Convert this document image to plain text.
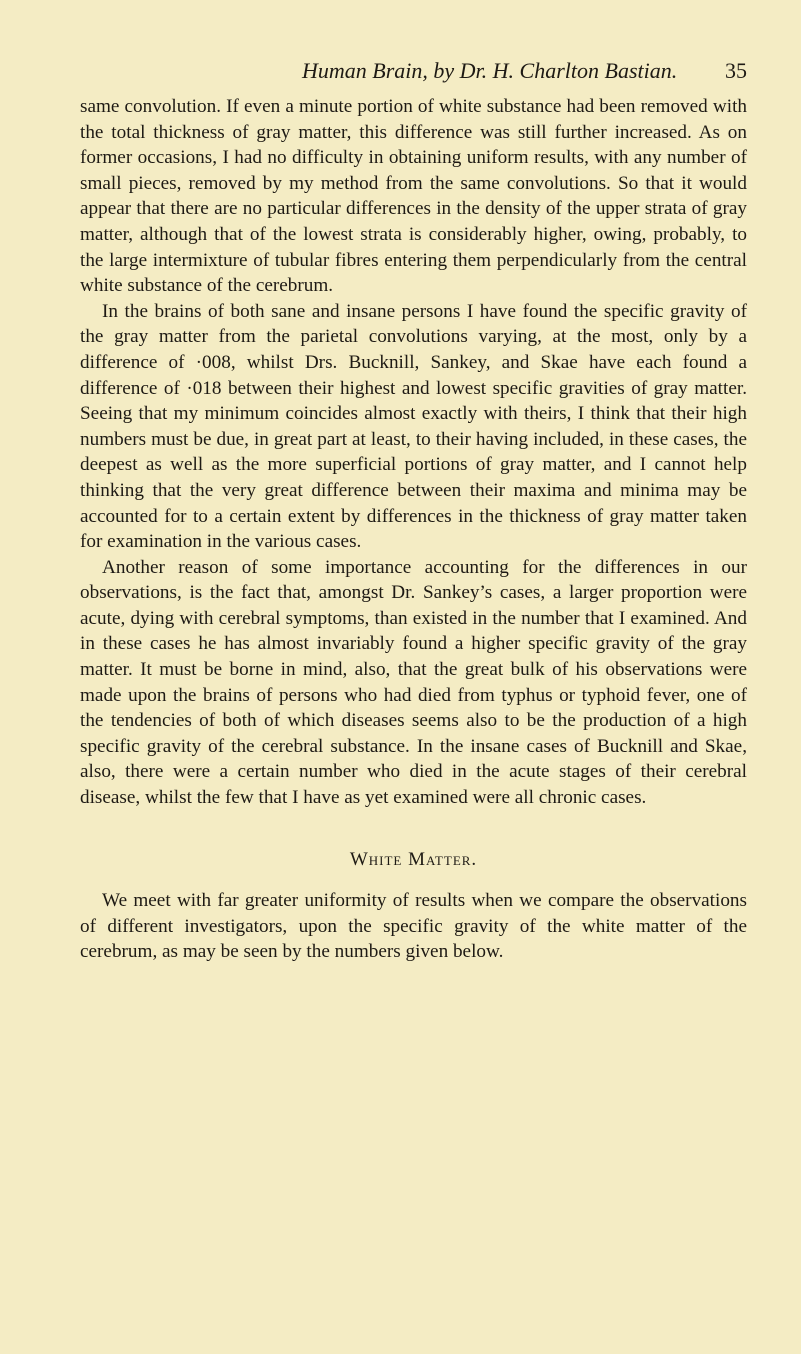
Human Brain, by Dr. H. Charlton Bastian. 35

same convolution. If even a minute portion of white substance had been removed with the total thickness of gray matter, this difference was still further increased. As on former occasions, I had no difficulty in obtaining uniform results, with any number of small pieces, removed by my method from the same convolutions. So that it would appear that there are no particular differences in the density of the upper strata of gray matter, although that of the lowest strata is considerably higher, owing, probably, to the large intermixture of tubular fibres entering them perpendicularly from the central white substance of the cerebrum.

In the brains of both sane and insane persons I have found the specific gravity of the gray matter from the parietal convolutions varying, at the most, only by a difference of ·008, whilst Drs. Bucknill, Sankey, and Skae have each found a difference of ·018 between their highest and lowest specific gravities of gray matter. Seeing that my minimum coincides almost exactly with theirs, I think that their high numbers must be due, in great part at least, to their having included, in these cases, the deepest as well as the more superficial portions of gray matter, and I cannot help thinking that the very great difference between their maxima and minima may be accounted for to a certain extent by differences in the thickness of gray matter taken for examination in the various cases.

Another reason of some importance accounting for the differences in our observations, is the fact that, amongst Dr. Sankey’s cases, a larger proportion were acute, dying with cerebral symptoms, than existed in the number that I examined. And in these cases he has almost invariably found a higher specific gravity of the gray matter. It must be borne in mind, also, that the great bulk of his observations were made upon the brains of persons who had died from typhus or typhoid fever, one of the tendencies of both of which diseases seems also to be the production of a high specific gravity of the cerebral substance. In the insane cases of Bucknill and Skae, also, there were a certain number who died in the acute stages of their cerebral disease, whilst the few that I have as yet examined were all chronic cases.

White Matter.

We meet with far greater uniformity of results when we compare the observations of different investigators, upon the specific gravity of the white matter of the cerebrum, as may be seen by the numbers given below.
